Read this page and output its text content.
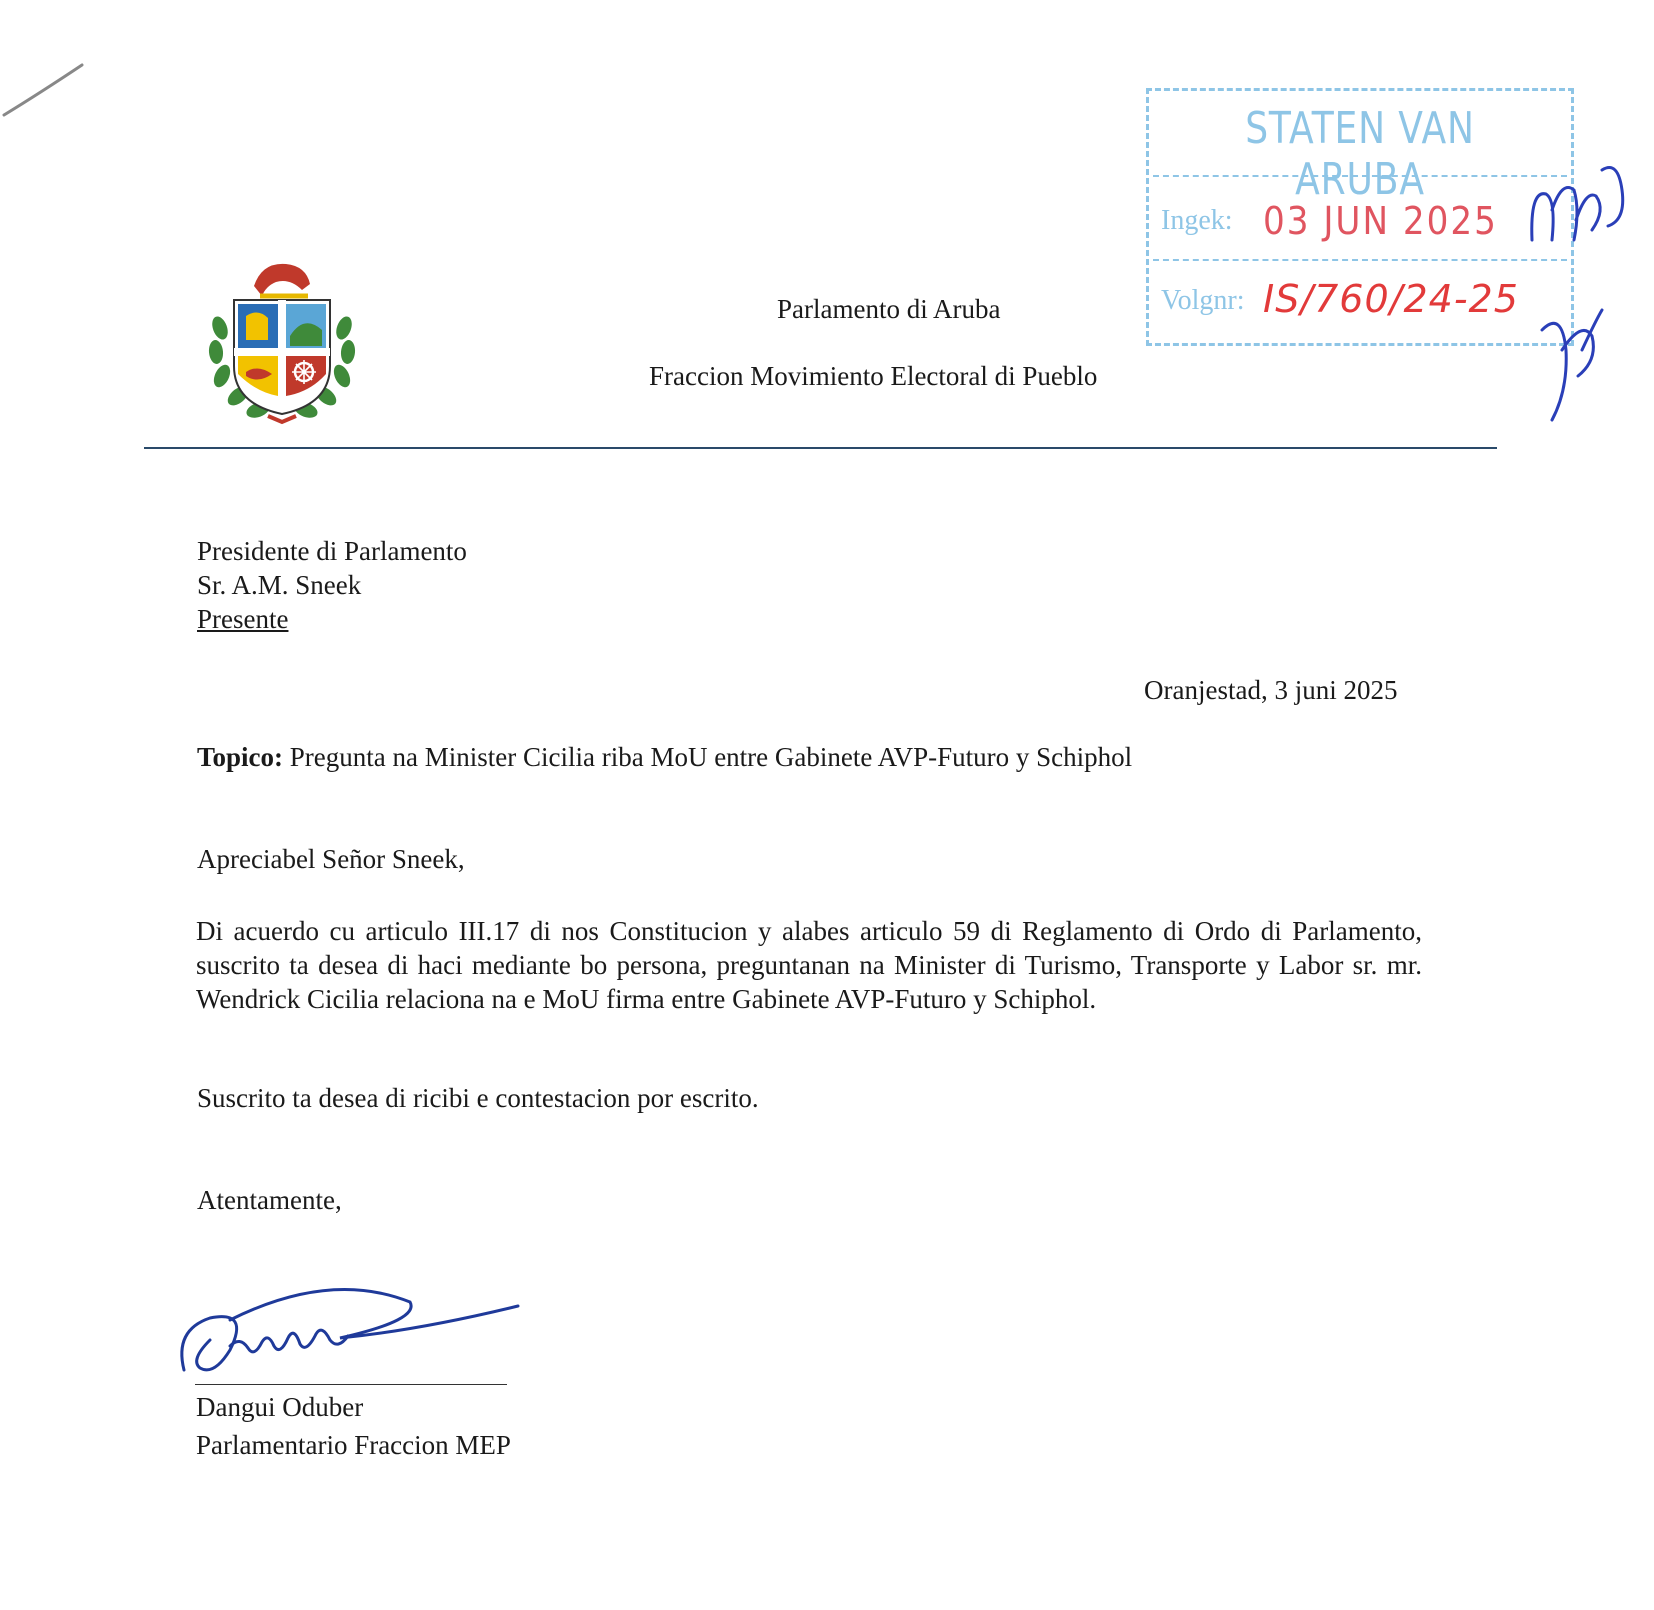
Parlamento di Aruba
Fraccion Movimiento Electoral di Pueblo
STATEN VAN ARUBA
Ingek: 03 JUN 2025
Volgnr: IS/760/24-25
Presidente di Parlamento
Sr. A.M. Sneek
Presente
Oranjestad, 3 juni 2025
Topico: Pregunta na Minister Cicilia riba MoU entre Gabinete AVP-Futuro y Schiphol
Apreciabel Señor Sneek,
Di acuerdo cu articulo III.17 di nos Constitucion y alabes articulo 59 di Reglamento di Ordo di Parlamento, suscrito ta desea di haci mediante bo persona, preguntanan na Minister di Turismo, Transporte y Labor sr. mr. Wendrick Cicilia relaciona na e MoU firma entre Gabinete AVP-Futuro y Schiphol.
Suscrito ta desea di ricibi e contestacion por escrito.
Atentamente,
Dangui Oduber
Parlamentario Fraccion MEP
